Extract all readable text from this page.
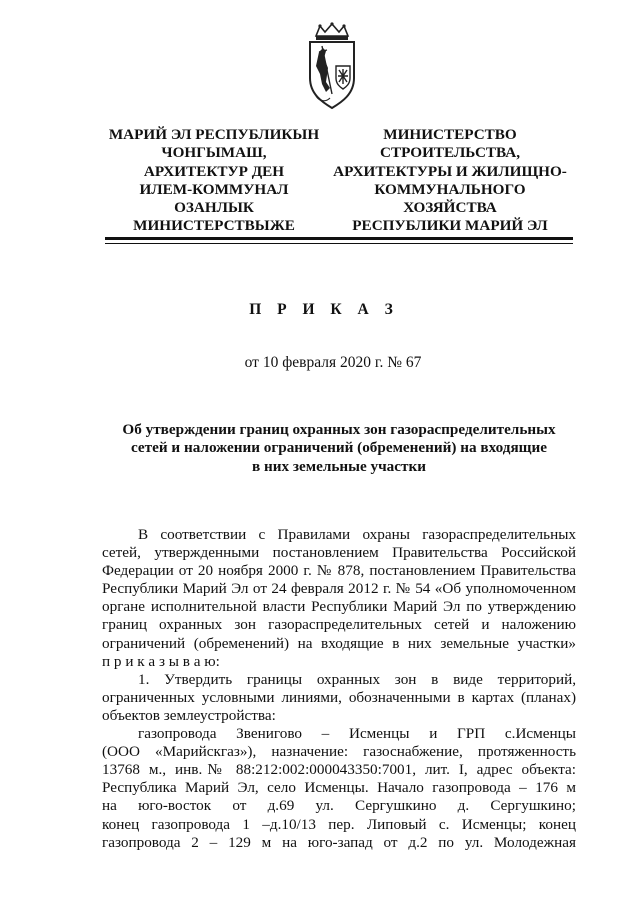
МАРИЙ ЭЛ РЕСПУБЛИКЫН
ЧОНГЫМАШ,
АРХИТЕКТУР ДЕН
ИЛЕМ-КОММУНАЛ
ОЗАНЛЫК
МИНИСТЕРСТВЫЖЕ
МИНИСТЕРСТВО
СТРОИТЕЛЬСТВА,
АРХИТЕКТУРЫ И ЖИЛИЩНО-
КОММУНАЛЬНОГО
ХОЗЯЙСТВА
РЕСПУБЛИКИ МАРИЙ ЭЛ
П Р И К А З
от 10 февраля 2020 г. № 67
Об утверждении границ охранных зон газораспределительных
сетей и наложении ограничений (обременений) на входящие
в них земельные участки
В соответствии с Правилами охраны газораспределительных
сетей, утвержденными постановлением Правительства Российской
Федерации от 20 ноября 2000 г. № 878, постановлением Правительства
Республики Марий Эл от 24 февраля 2012 г. № 54 «Об уполномоченном
органе исполнительной власти Республики Марий Эл по утверждению
границ охранных зон газораспределительных сетей и наложению
ограничений (обременений) на входящие в них земельные участки»
п р и к а з ы в а ю:
1. Утвердить границы охранных зон в виде территорий,
ограниченных условными линиями, обозначенными в картах (планах)
объектов землеустройства:
газопровода Звенигово – Исменцы и ГРП с.Исменцы
(ООО «Марийскгаз»), назначение: газоснабжение, протяженность
13768 м., инв.№ 88:212:002:000043350:7001, лит. I, адрес объекта:
Республика Марий Эл, село Исменцы. Начало газопровода – 176 м
на юго-восток от д.69 ул. Сергушкино д. Сергушкино;
конец газопровода 1 –д.10/13 пер. Липовый с. Исменцы; конец
газопровода 2 – 129 м на юго-запад от д.2 по ул. Молодежная
